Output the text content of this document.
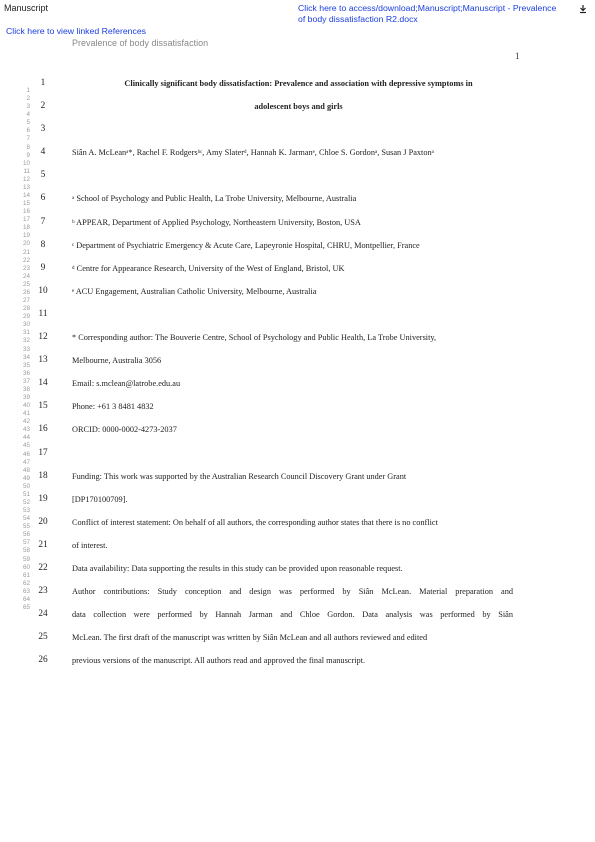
Manuscript	Click here to access/download;Manuscript;Manuscript - Prevalence of body dissatisfaction R2.docx
Click here to view linked References
Prevalence of body dissatisfaction
1
1
2
3
4
5
6
7
8
9
10
11
12
13
14
15
16
17
18
19
20
21
22
23
24
25
26
27
28
29
30
31
32
33
34
35
36
37
38
39
40
41
42
43
44
45
46
47
48
49
50
51
52
53
54
55
56
57
58
59
60
61
62
63
64
65
1	Clinically significant body dissatisfaction: Prevalence and association with depressive symptoms in
2	adolescent boys and girls
3
4	Siân A. McLeanᵃ*, Rachel F. Rodgersᵇᶜ, Amy Slaterᵈ, Hannah K. Jarmanᵉ, Chloe S. Gordonᵃ, Susan J Paxtonᵃ
5
6	ᵃ School of Psychology and Public Health, La Trobe University, Melbourne, Australia
7	ᵇ APPEAR, Department of Applied Psychology, Northeastern University, Boston, USA
8	ᶜ Department of Psychiatric Emergency & Acute Care, Lapeyronie Hospital, CHRU, Montpellier, France
9	ᵈ Centre for Appearance Research, University of the West of England, Bristol, UK
10	ᵉ ACU Engagement, Australian Catholic University, Melbourne, Australia
11
12	* Corresponding author: The Bouverie Centre, School of Psychology and Public Health, La Trobe University,
13	Melbourne, Australia 3056
14	Email: s.mclean@latrobe.edu.au
15	Phone: +61 3 8481 4832
16	ORCID: 0000-0002-4273-2037
17
18	Funding: This work was supported by the Australian Research Council Discovery Grant under Grant
19	[DP170100709].
20	Conflict of interest statement: On behalf of all authors, the corresponding author states that there is no conflict
21	of interest.
22	Data availability: Data supporting the results in this study can be provided upon reasonable request.
23	Author contributions: Study conception and design was performed by Siân McLean. Material preparation and
24	data collection were performed by Hannah Jarman and Chloe Gordon. Data analysis was performed by Siân
25	McLean. The first draft of the manuscript was written by Siân McLean and all authors reviewed and edited
26	previous versions of the manuscript. All authors read and approved the final manuscript.
